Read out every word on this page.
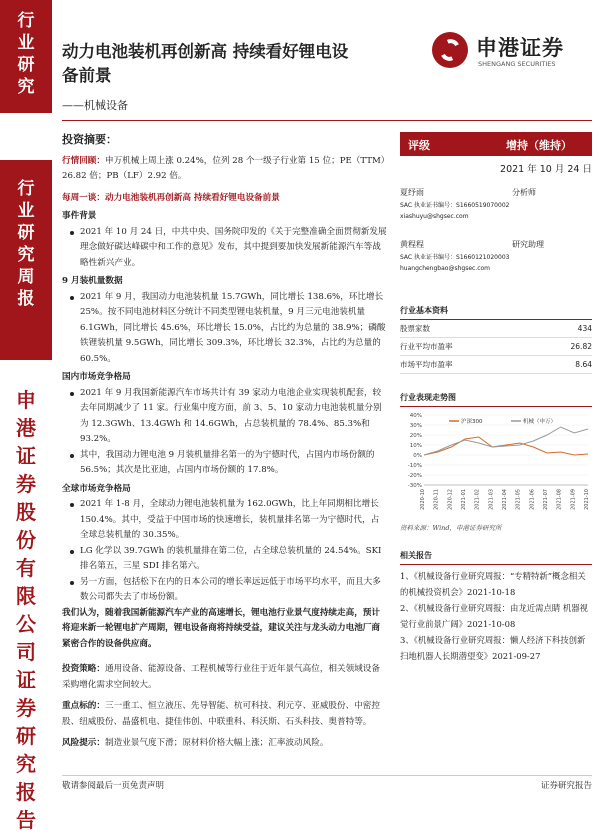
行
业
研
究
行
业
研
究
周
报
申
港
证
券
股
份
有
限
公
司
证
券
研
究
报
告
动力电池装机再创新高 持续看好锂电设
备前景
——机械设备
申港证券
SHENGANG SECURITIES

投资摘要：

行情回顾：申万机械上周上涨 0.24%，位列 28 个一级子行业第 15 位；PE（TTM）26.82 倍；PB（LF）2.92 倍。

每周一谈：动力电池装机再创新高 持续看好锂电设备前景

事件背景

2021 年 10 月 24 日，中共中央、国务院印发的《关于完整准确全面贯彻新发展理念做好碳达峰碳中和工作的意见》发布，其中提到要加快发展新能源汽车等战略性新兴产业。

9 月装机量数据

2021 年 9 月，我国动力电池装机量 15.7GWh，同比增长 138.6%，环比增长 25%。按不同电池材料区分统计不同类型锂电装机量，9 月三元电池装机量 6.1GWh，同比增长 45.6%，环比增长 15.0%，占比约为总量的 38.9%；磷酸铁锂装机量 9.5GWh，同比增长 309.3%，环比增长 32.3%，占比约为总量的 60.5%。

国内市场竞争格局

2021 年 9 月我国新能源汽车市场共计有 39 家动力电池企业实现装机配套，较去年同期减少了 11 家。行业集中度方面，前 3、5、10 家动力电池装机量分别为 12.3GWh、13.4GWh 和 14.6GWh，占总装机量的 78.4%、85.3%和 93.2%。

其中，我国动力锂电池 9 月装机量排名第一的为宁德时代，占国内市场份额的 56.5%；其次是比亚迪，占国内市场份额的 17.8%。

全球市场竞争格局

2021 年 1-8 月，全球动力锂电池装机量为 162.0GWh，比上年同期相比增长 150.4%。其中，受益于中国市场的快速增长，装机量排名第一为宁德时代，占全球总装机量的 30.35%。

LG 化学以 39.7GWh 的装机量排在第二位，占全球总装机量的 24.54%。SKI 排名第五，三星 SDI 排名第六。

另一方面，包括松下在内的日本公司的增长率远远低于市场平均水平，而且大多数公司都失去了市场份额。

我们认为，随着我国新能源汽车产业的高速增长，锂电池行业景气度持续走高，预计将迎来新一轮锂电扩产周期，锂电设备商将持续受益，建议关注与龙头动力电池厂商紧密合作的设备供应商。

投资策略：通用设备、能源设备、工程机械等行业往于近年景气高位，相关领域设备采购增化需求空间较大。

重点标的：三一重工、恒立液压、先导智能、杭可科技、利元亨、亚威股份、中密控股、纽威股份、晶盛机电、捷佳伟创、中联重科、科沃斯、石头科技、奥普特等。

风险提示：制造业景气度下滑；原材料价格大幅上涨；汇率波动风险。

评级	增持（维持）
2021 年 10 月 24 日
夏纾雨	分析师
SAC 执业证书编号：S1660519070002
xiashuyu@shgsec.com
黄程程	研究助理
SAC 执业证书编号：S1660121020003
huangchengbao@shgsec.com
行业基本资料
股票家数	434
行业平均市盈率	26.82
市场平均市盈率	8.64
行业表现走势图
40%
30%
20%
10%
0%
-10%
-20%
-30%
2020-10 2020-11 2020-12 2021-01 2021-02 2021-03 2021-04 2021-05 2021-06 2021-07 2021-08 2021-09 2021-10
沪深300	机械（申万）
资料来源：Wind，申港证券研究所
相关报告

1、《机械设备行业研究周报：“专精特新”概念相关的机械投资机会》2021-10-18

2、《机械设备行业研究周报：由龙近需点睛 机器视觉行业前景广阔》2021-10-08

3、《机械设备行业研究周报：懒人经济下科技创新 扫地机器人长期潜望变》2021-09-27

敬请参阅最后一页免责声明	证券研究报告
